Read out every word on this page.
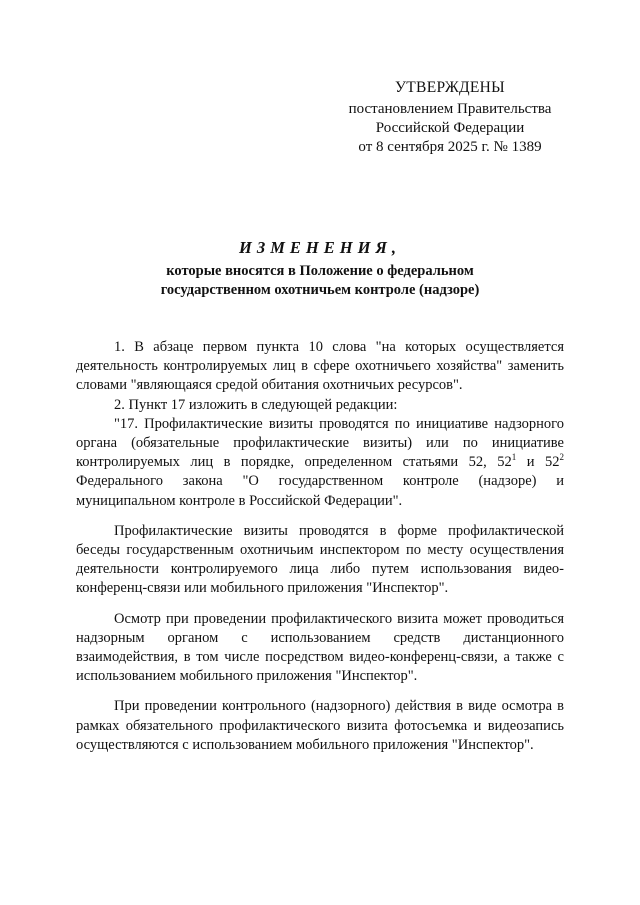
УТВЕРЖДЕНЫ
постановлением Правительства
Российской Федерации
от 8 сентября 2025 г. № 1389
ИЗМЕНЕНИЯ,
которые вносятся в Положение о федеральном
государственном охотничьем контроле (надзоре)

1. В абзаце первом пункта 10 слова "на которых осуществляется деятельность контролируемых лиц в сфере охотничьего хозяйства" заменить словами "являющаяся средой обитания охотничьих ресурсов".

2. Пункт 17 изложить в следующей редакции:

"17. Профилактические визиты проводятся по инициативе надзорного органа (обязательные профилактические визиты) или по инициативе контролируемых лиц в порядке, определенном статьями 52, $52^1$ и $52^2$ Федерального закона "О государственном контроле (надзоре) и муниципальном контроле в Российской Федерации".

Профилактические визиты проводятся в форме профилактической беседы государственным охотничьим инспектором по месту осуществления деятельности контролируемого лица либо путем использования видео-конференц-связи или мобильного приложения "Инспектор".

Осмотр при проведении профилактического визита может проводиться надзорным органом с использованием средств дистанционного взаимодействия, в том числе посредством видео-конференц-связи, а также с использованием мобильного приложения "Инспектор".

При проведении контрольного (надзорного) действия в виде осмотра в рамках обязательного профилактического визита фотосъемка и видеозапись осуществляются с использованием мобильного приложения "Инспектор".
